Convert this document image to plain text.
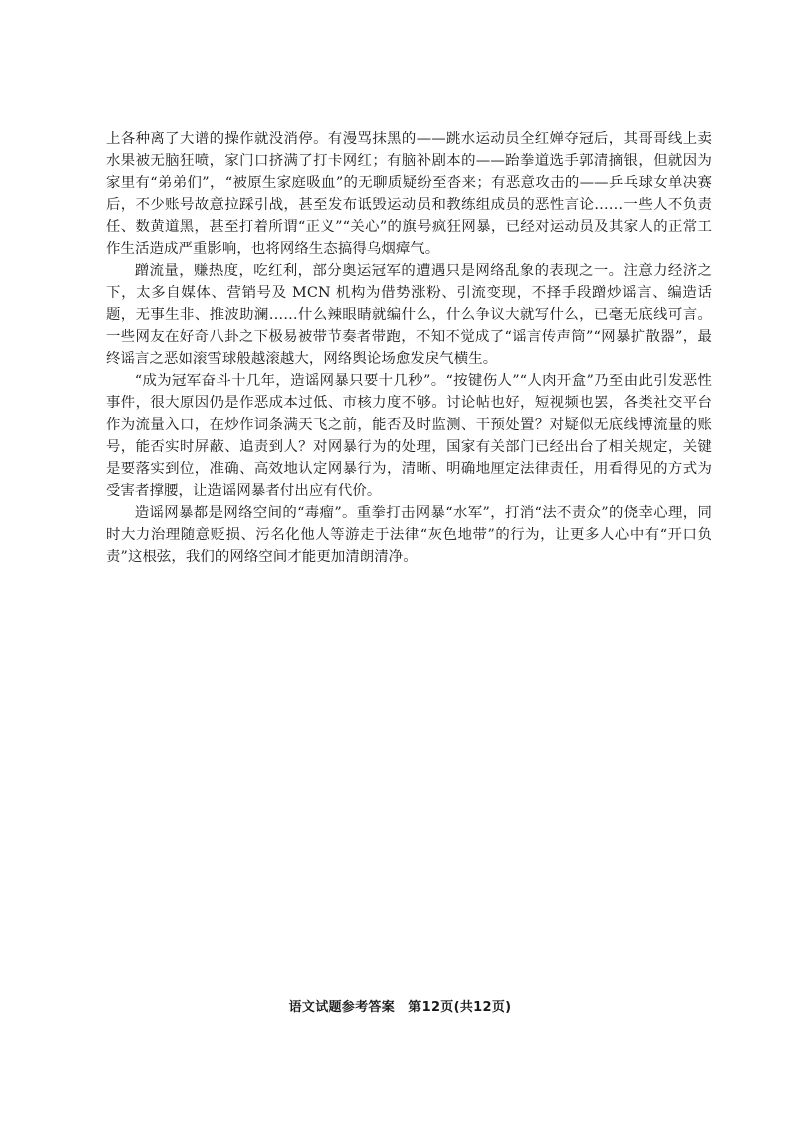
上各种离了大谱的操作就没消停。有漫骂抹黑的——跳水运动员全红婵夺冠后，其哥哥线上卖水果被无脑狂喷，家门口挤满了打卡网红；有脑补剧本的——跆拳道选手郭清摘银，但就因为家里有“弟弟们”，“被原生家庭吸血”的无聊质疑纷至沓来；有恶意攻击的——乒乓球女单决赛后，不少账号故意拉踩引战，甚至发布诋毁运动员和教练组成员的恶性言论……一些人不负责任、数黄道黑，甚至打着所谓“正义”“关心”的旗号疯狂网暴，已经对运动员及其家人的正常工作生活造成严重影响，也将网络生态搞得乌烟瘴气。

蹭流量，赚热度，吃红利，部分奥运冠军的遭遇只是网络乱象的表现之一。注意力经济之下，太多自媒体、营销号及 MCN 机构为借势涨粉、引流变现，不择手段蹭炒谣言、编造话题，无事生非、推波助澜……什么辣眼睛就编什么，什么争议大就写什么，已毫无底线可言。一些网友在好奇八卦之下极易被带节奏者带跑，不知不觉成了“谣言传声筒”“网暴扩散器”，最终谣言之恶如滚雪球般越滚越大，网络舆论场愈发戾气横生。

“成为冠军奋斗十几年，造谣网暴只要十几秒”。“按键伤人”“人肉开盒”乃至由此引发恶性事件，很大原因仍是作恶成本过低、市核力度不够。讨论帖也好，短视频也罢，各类社交平台作为流量入口，在炒作词条满天飞之前，能否及时监测、干预处置？对疑似无底线博流量的账号，能否实时屏蔽、追责到人？对网暴行为的处理，国家有关部门已经出台了相关规定，关键是要落实到位，准确、高效地认定网暴行为，清晰、明确地厘定法律责任，用看得见的方式为受害者撑腰，让造谣网暴者付出应有代价。

造谣网暴都是网络空间的“毒瘤”。重拳打击网暴“水军”，打消“法不责众”的侥幸心理，同时大力治理随意贬损、污名化他人等游走于法律“灰色地带”的行为，让更多人心中有“开口负责”这根弦，我们的网络空间才能更加清朗清净。

语文试题参考答案　第12页(共12页)
